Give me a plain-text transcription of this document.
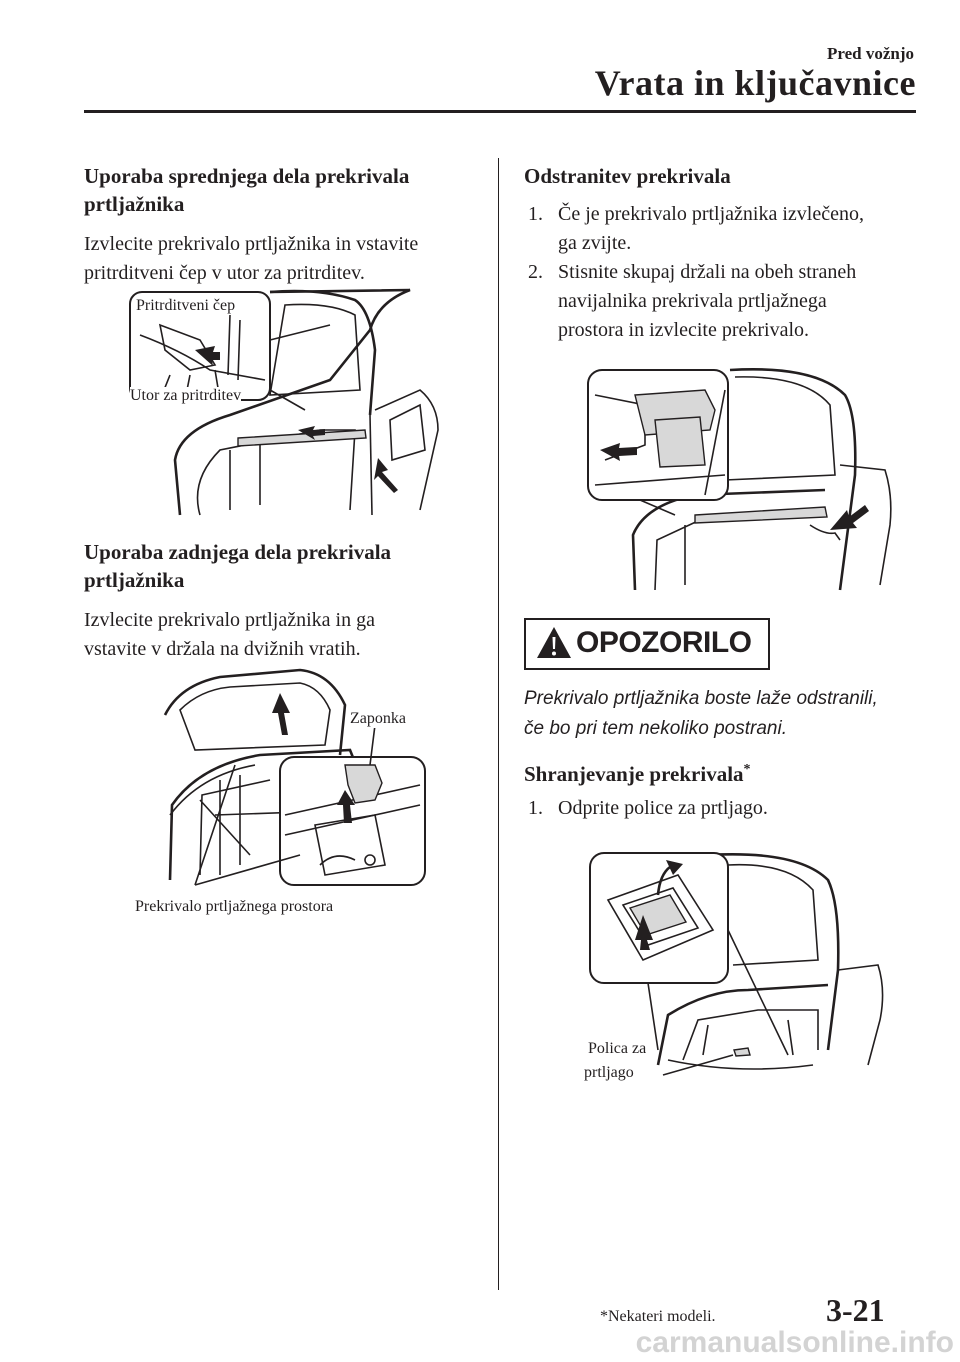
Pred vožnjo
Vrata in ključavnice

Uporaba sprednjega dela prekrivala

prtljažnika

Izvlecite prekrivalo prtljažnika in vstavite

pritrditveni čep v utor za pritrditev.

Pritrditveni čep
Utor za pritrditev

Uporaba zadnjega dela prekrivala

prtljažnika

Izvlecite prekrivalo prtljažnika in ga

vstavite v držala na dvižnih vratih.

Zaponka
Prekrivalo prtljažnega prostora

Odstranitev prekrivala

1. Če je prekrivalo prtljažnika izvlečeno,
ga zvijte.
2. Stisnite skupaj držali na obeh straneh
navijalnika prekrivala prtljažnega
prostora in izvlecite prekrivalo.
OPOZORILO
Prekrivalo prtljažnika boste laže odstranili,
če bo pri tem nekoliko postrani.

Shranjevanje prekrivala*

1. Odprite police za prtljago.
Polica za
prtljago
*Nekateri modeli.	3-21
carmanualsonline.info
